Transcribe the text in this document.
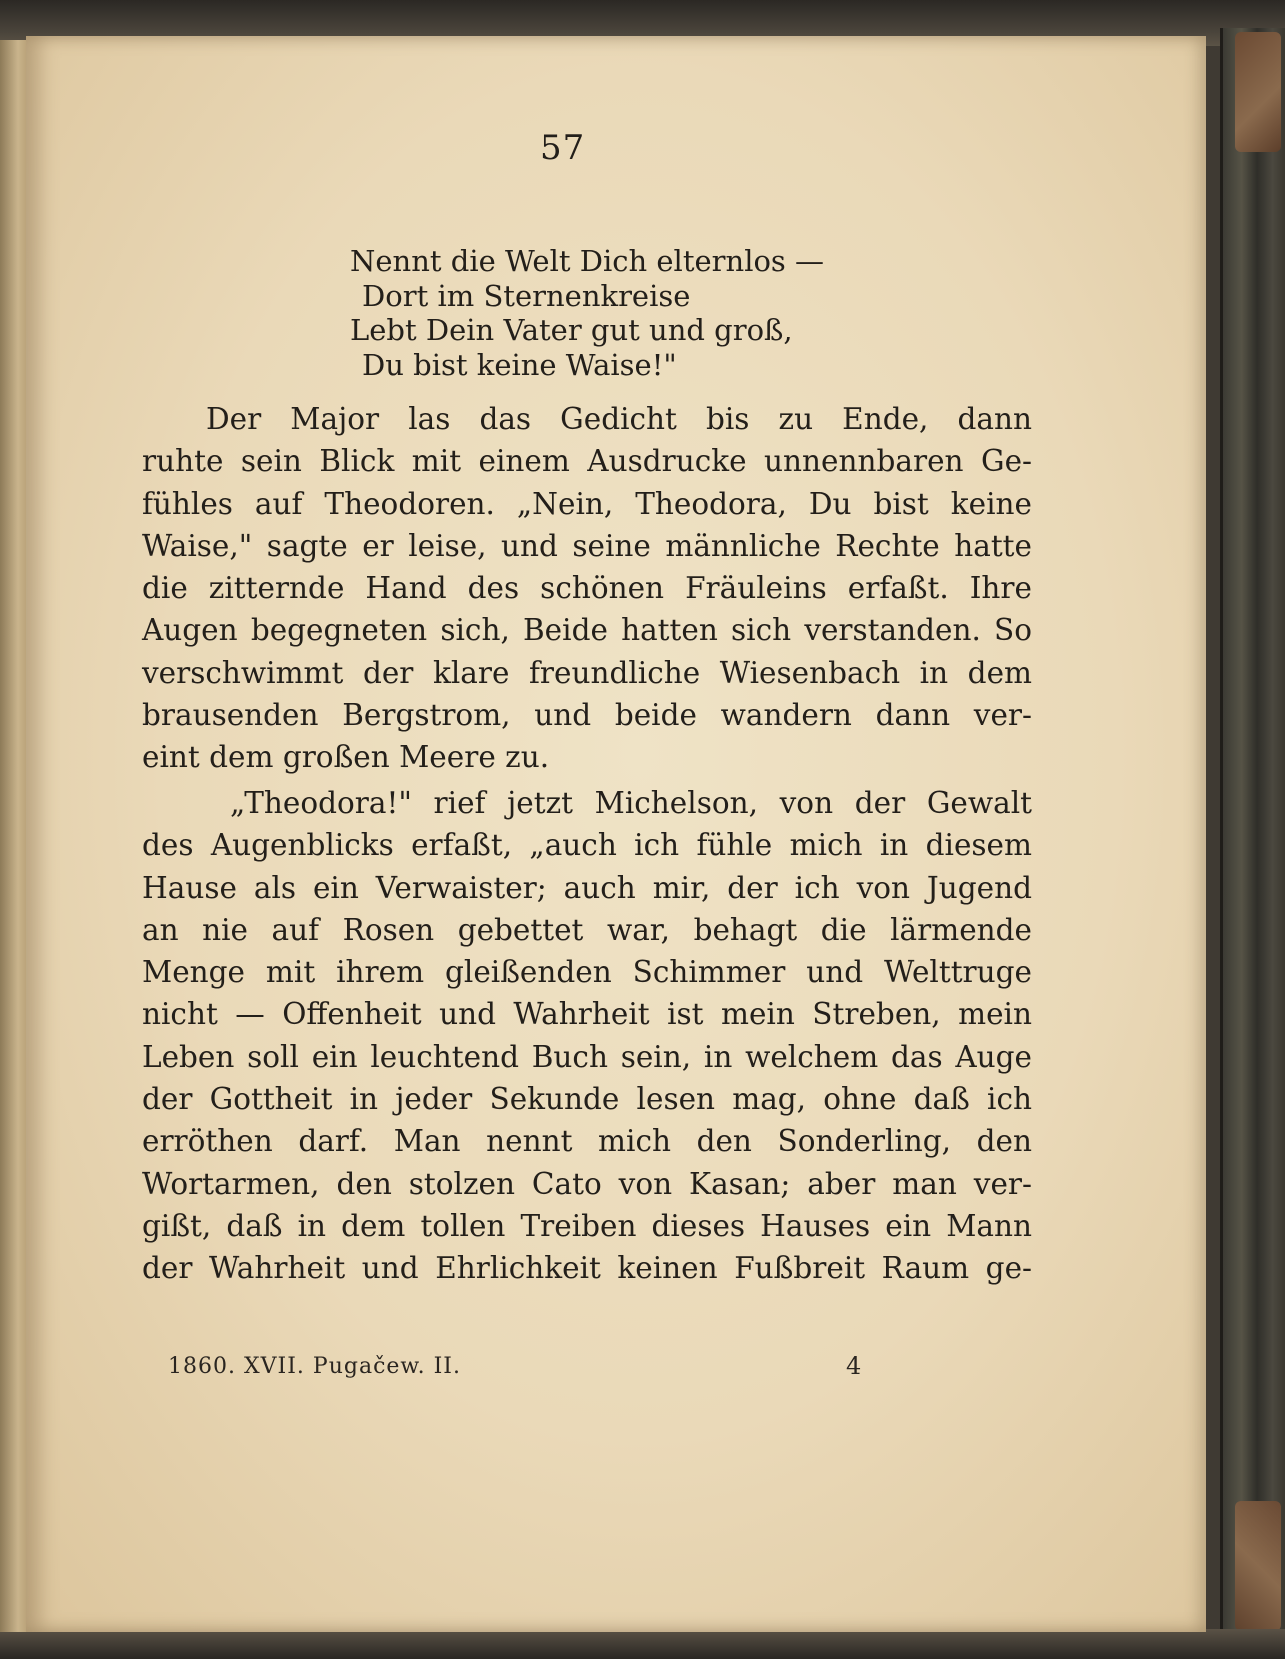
57
Nennt die Welt Dich elternlos —
Dort im Sternenkreise
Lebt Dein Vater gut und groß,
Du bist keine Waise!"
Der Major las das Gedicht bis zu Ende, dann
ruhte sein Blick mit einem Ausdrucke unnennbaren Ge-
fühles auf Theodoren. „Nein, Theodora, Du bist keine
Waise," sagte er leise, und seine männliche Rechte hatte
die zitternde Hand des schönen Fräuleins erfaßt. Ihre
Augen begegneten sich, Beide hatten sich verstanden. So
verschwimmt der klare freundliche Wiesenbach in dem
brausenden Bergstrom, und beide wandern dann ver-
eint dem großen Meere zu.
„Theodora!" rief jetzt Michelson, von der Gewalt
des Augenblicks erfaßt, „auch ich fühle mich in diesem
Hause als ein Verwaister; auch mir, der ich von Jugend
an nie auf Rosen gebettet war, behagt die lärmende
Menge mit ihrem gleißenden Schimmer und Welttruge
nicht — Offenheit und Wahrheit ist mein Streben, mein
Leben soll ein leuchtend Buch sein, in welchem das Auge
der Gottheit in jeder Sekunde lesen mag, ohne daß ich
erröthen darf. Man nennt mich den Sonderling, den
Wortarmen, den stolzen Cato von Kasan; aber man ver-
gißt, daß in dem tollen Treiben dieses Hauses ein Mann
der Wahrheit und Ehrlichkeit keinen Fußbreit Raum ge-
1860. XVII. Pugačew. II.	4
